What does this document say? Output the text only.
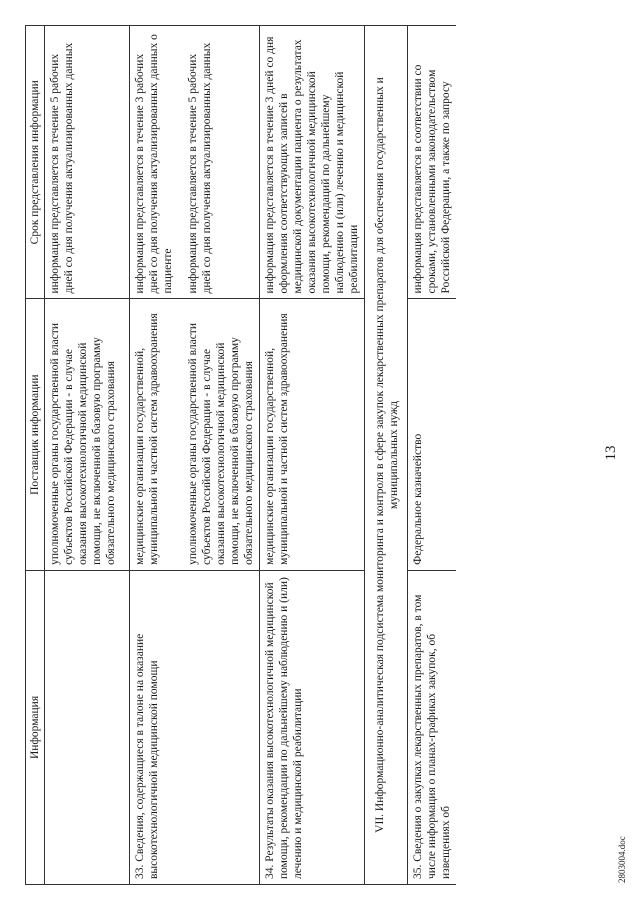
Информация	Поставщик информации	Срок представления информации
	уполномоченные органы государственной власти субъектов Российской Федерации - в случае оказания высокотехнологичной медицинской помощи, не включенной в базовую программу обязательного медицинского страхования	информация представляется в течение 5 рабочих дней со дня получения актуализированных данных

33. Сведения, содержащиеся в талоне на оказание высокотехнологичной медицинской помощи	медицинские организации государственной, муниципальной и частной систем здравоохранения	информация представляется в течение 3 рабочих дней со дня получения актуализированных данных о пациенте
	уполномоченные органы государственной власти субъектов Российской Федерации - в случае оказания высокотехнологичной медицинской помощи, не включенной в базовую программу обязательного медицинского страхования	информация представляется в течение 5 рабочих дней со дня получения актуализированных данных
34. Результаты оказания высокотехнологичной медицинской помощи, рекомендации по дальнейшему наблюдению и (или) лечению и медицинской реабилитации	медицинские организации государственной, муниципальной и частной систем здравоохранения	информация представляется в течение 3 дней со дня оформления соответствующих записей в медицинской документации пациента о результатах оказания высокотехнологичной медицинской помощи, рекомендаций по дальнейшему наблюдению и (или) лечению и медицинской реабилитации
VII. Информационно-аналитическая подсистема мониторинга и контроля в сфере закупок лекарственных препаратов для обеспечения государственных и муниципальных нужд		
35. Сведения о закупках лекарственных препаратов, в том числе информация о планах-графиках закупок, об извещениях об	Федеральное казначейство	информация представляется в соответствии со сроками, установленными законодательством Российской Федерации, а также по запросу
13
2803004.doc
